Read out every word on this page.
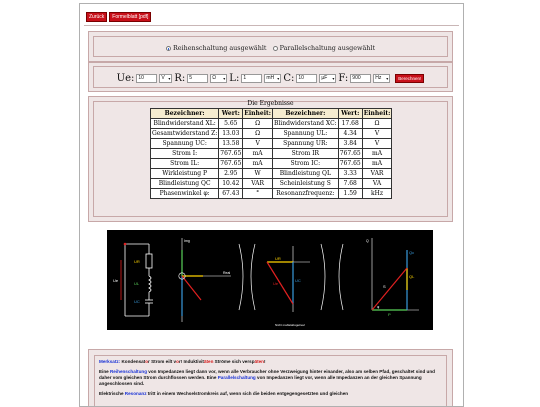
Zurück	Formelblatt [pdf]
Reihenschaltung ausgewählt Parallelschaltung ausgewählt
Ue: 10	V ▾ R: 5	Ω ▾	L: 1	mH ▾ C: 10	µF ▾	F: 900	Hz ▾	Berechnen!
Die Ergebnisse
Bezeichner:	Wert:	Einheit:	Bezeichner:	Wert:	Einheit:
Blindwiderstand XL:	5.65	Ω	Blindwiderstand XC:	17.68	Ω
Gesamtwiderstand Z:	13.03	Ω	Spannung UL:	4.34	V
Spannung UC:	13.58	V	Spannung UR:	3.84	V
Strom I:	767.65	mA	Strom IR	767.65	mA
Strom IL:	767.65	mA	Strom IC:	767.65	mA
Wirkleistung P	2.95	W	Blindleistung QL	3.33	VAR
Blindleistung QC	10.42	VAR	Scheinleistung S	7.68	VA
Phasenwinkel φ:	67.43	°	Resonanzfrequenz:	1.59	kHz
Ue
UR
UL
UC
Img
Real
UR
UC
Ue
Qc
QL
S
P
Q
φ
Nicht maßstabsgetreu!

Merksatz: Kondensator Strom eilt vor! Induktivitäten Ströme sich verspäten!

Eine Reihenschaltung von Impedanzen liegt dann vor, wenn alle Verbraucher ohne Verzweigung hinter einander, also am selben Pfad, geschaltet sind und daher vom gleichen Strom durchflossen werden. Eine Parallelschaltung von Impedanzen liegt vor, wenn alle Impedanzen an der gleichen Spannung angeschlossen sind.

Elektrische Resonanz tritt in einem Wechselstromkreis auf, wenn sich die beiden entgegengesetzten und gleichen
